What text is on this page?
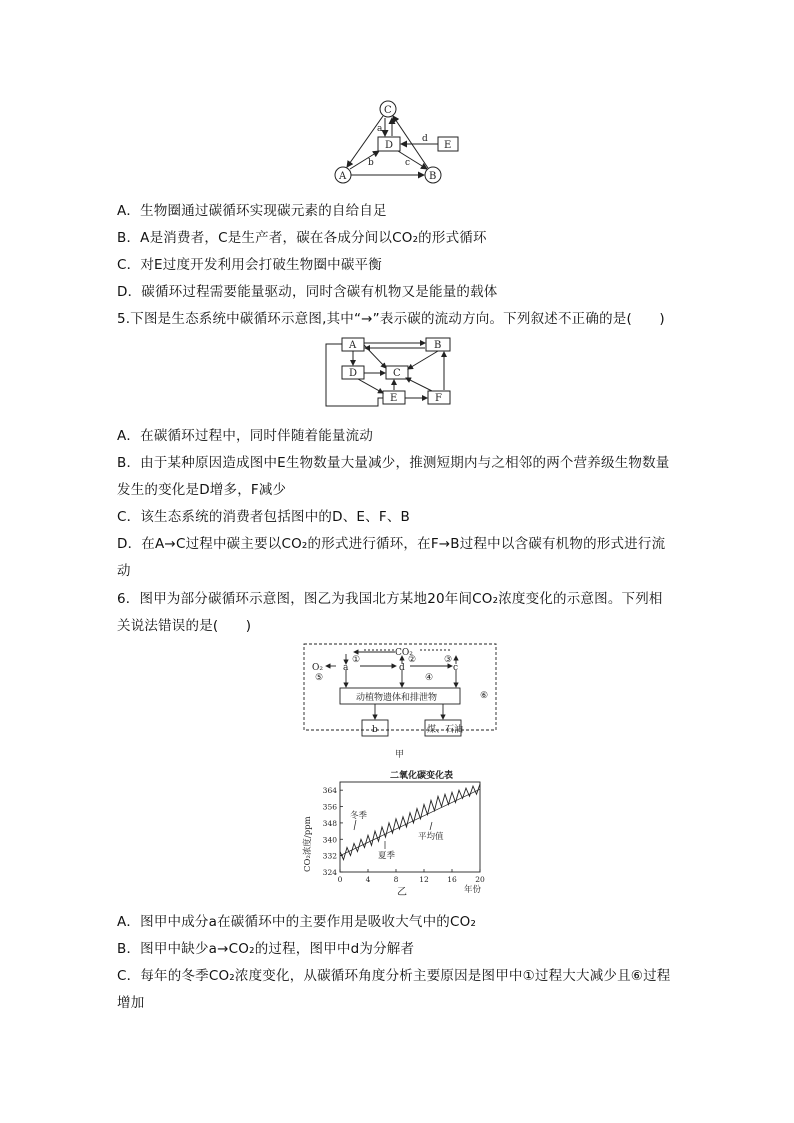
C
D	E
A	B
a
b	c
d
A．生物圈通过碳循环实现碳元素的自给自足
B．A是消费者，C是生产者，碳在各成分间以CO₂的形式循环
C．对E过度开发利用会打破生物圈中碳平衡
D．碳循环过程需要能量驱动，同时含碳有机物又是能量的载体
5.下图是生态系统中碳循环示意图,其中“→”表示碳的流动方向。下列叙述不正确的是(　　)
A	B
D	C
E	F
A．在碳循环过程中，同时伴随着能量流动
B．由于某种原因造成图中E生物数量大量减少，推测短期内与之相邻的两个营养级生物数量
发生的变化是D增多，F减少
C．该生态系统的消费者包括图中的D、E、F、B
D．在A→C过程中碳主要以CO₂的形式进行循环，在F→B过程中以含碳有机物的形式进行流
动
6．图甲为部分碳循环示意图，图乙为我国北方某地20年间CO₂浓度变化的示意图。下列相
关说法错误的是(　　)
CO₂
O₂ a	d	c
①	②	③
④
⑤
⑥
动植物遗体和排泄物
b	煤、石油
甲
二氧化碳变化表
CO₂浓度/ppm
年份
乙
冬季
夏季
平均值
324
332
340
348
356
364
0	4	8	12 16 20
A．图甲中成分a在碳循环中的主要作用是吸收大气中的CO₂
B．图甲中缺少a→CO₂的过程，图甲中d为分解者
C．每年的冬季CO₂浓度变化，从碳循环角度分析主要原因是图甲中①过程大大减少且⑥过程
增加
